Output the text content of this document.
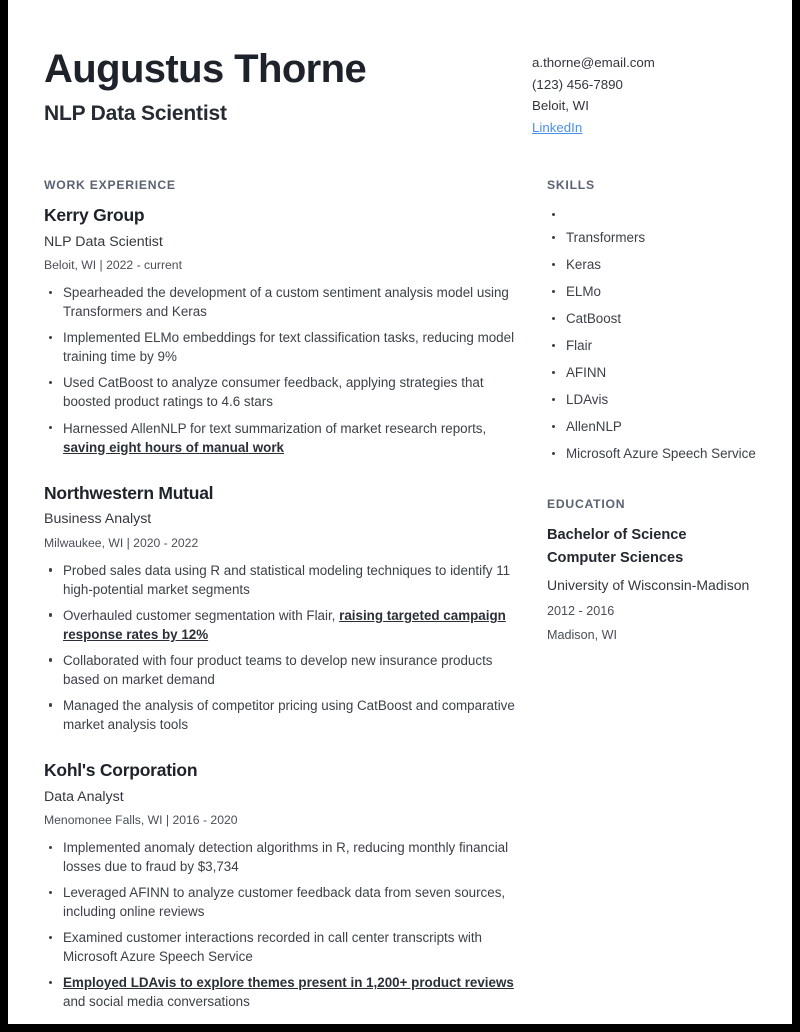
Augustus Thorne
NLP Data Scientist
a.thorne@email.com
(123) 456-7890
Beloit, WI
LinkedIn
WORK EXPERIENCE
Kerry Group
NLP Data Scientist
Beloit, WI | 2022 - current
Spearheaded the development of a custom sentiment analysis model using Transformers and Keras
Implemented ELMo embeddings for text classification tasks, reducing model training time by 9%
Used CatBoost to analyze consumer feedback, applying strategies that boosted product ratings to 4.6 stars
Harnessed AllenNLP for text summarization of market research reports, saving eight hours of manual work
Northwestern Mutual
Business Analyst
Milwaukee, WI | 2020 - 2022
Probed sales data using R and statistical modeling techniques to identify 11 high-potential market segments
Overhauled customer segmentation with Flair, raising targeted campaign response rates by 12%
Collaborated with four product teams to develop new insurance products based on market demand
Managed the analysis of competitor pricing using CatBoost and comparative market analysis tools
Kohl's Corporation
Data Analyst
Menomonee Falls, WI | 2016 - 2020
Implemented anomaly detection algorithms in R, reducing monthly financial losses due to fraud by $3,734
Leveraged AFINN to analyze customer feedback data from seven sources, including online reviews
Examined customer interactions recorded in call center transcripts with Microsoft Azure Speech Service
Employed LDAvis to explore themes present in 1,200+ product reviews and social media conversations
SKILLS
Transformers
Keras
ELMo
CatBoost
Flair
AFINN
LDAvis
AllenNLP
Microsoft Azure Speech Service
EDUCATION
Bachelor of Science
Computer Sciences
University of Wisconsin-Madison
2012 - 2016
Madison, WI
